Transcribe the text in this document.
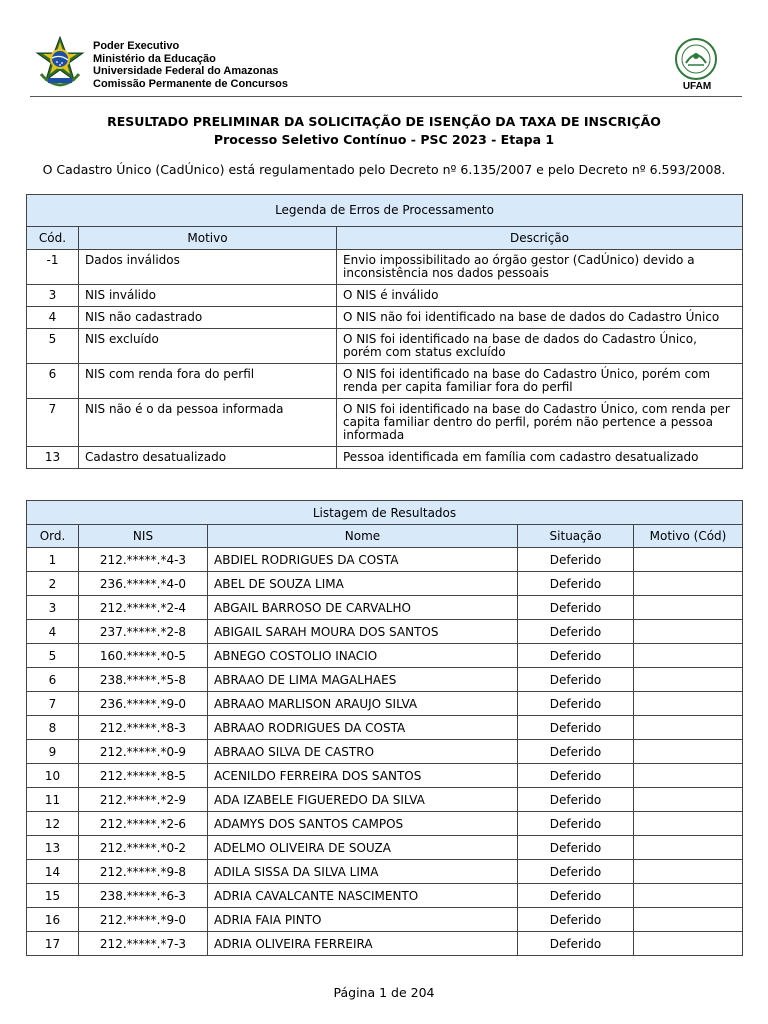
Poder Executivo
Ministério da Educação
Universidade Federal do Amazonas
Comissão Permanente de Concursos	UFAM
RESULTADO PRELIMINAR DA SOLICITAÇÃO DE ISENÇÃO DA TAXA DE INSCRIÇÃO
Processo Seletivo Contínuo - PSC 2023 - Etapa 1
O Cadastro Único (CadÚnico) está regulamentado pelo Decreto nº 6.135/2007 e pelo Decreto nº 6.593/2008.
Legenda de Erros de Processamento		
Cód.	Motivo	Descrição
-1	Dados inválidos	Envio impossibilitado ao órgão gestor (CadÚnico) devido a inconsistência nos dados pessoais
3	NIS inválido	O NIS é inválido
4	NIS não cadastrado	O NIS não foi identificado na base de dados do Cadastro Único
5	NIS excluído	O NIS foi identificado na base de dados do Cadastro Único, porém com status excluído
6	NIS com renda fora do perfil	O NIS foi identificado na base do Cadastro Único, porém com renda per capita familiar fora do perfil
7	NIS não é o da pessoa informada	O NIS foi identificado na base do Cadastro Único, com renda per capita familiar dentro do perfil, porém não pertence a pessoa informada
13	Cadastro desatualizado	Pessoa identificada em família com cadastro desatualizado
Listagem de Resultados				
Ord.	NIS	Nome	Situação	Motivo (Cód)
1	212.*****.*4-3	ABDIEL RODRIGUES DA COSTA	Deferido	
2	236.*****.*4-0	ABEL DE SOUZA LIMA	Deferido	
3	212.*****.*2-4	ABGAIL BARROSO DE CARVALHO	Deferido	
4	237.*****.*2-8	ABIGAIL SARAH MOURA DOS SANTOS	Deferido	
5	160.*****.*0-5	ABNEGO COSTOLIO INACIO	Deferido	
6	238.*****.*5-8	ABRAAO DE LIMA MAGALHAES	Deferido	
7	236.*****.*9-0	ABRAAO MARLISON ARAUJO SILVA	Deferido	
8	212.*****.*8-3	ABRAAO RODRIGUES DA COSTA	Deferido	
9	212.*****.*0-9	ABRAAO SILVA DE CASTRO	Deferido	
10	212.*****.*8-5	ACENILDO FERREIRA DOS SANTOS	Deferido	
11	212.*****.*2-9	ADA IZABELE FIGUEREDO DA SILVA	Deferido	
12	212.*****.*2-6	ADAMYS DOS SANTOS CAMPOS	Deferido	
13	212.*****.*0-2	ADELMO OLIVEIRA DE SOUZA	Deferido	
14	212.*****.*9-8	ADILA SISSA DA SILVA LIMA	Deferido	
15	238.*****.*6-3	ADRIA CAVALCANTE NASCIMENTO	Deferido	
16	212.*****.*9-0	ADRIA FAIA PINTO	Deferido	
17	212.*****.*7-3	ADRIA OLIVEIRA FERREIRA	Deferido	
Página 1 de 204
